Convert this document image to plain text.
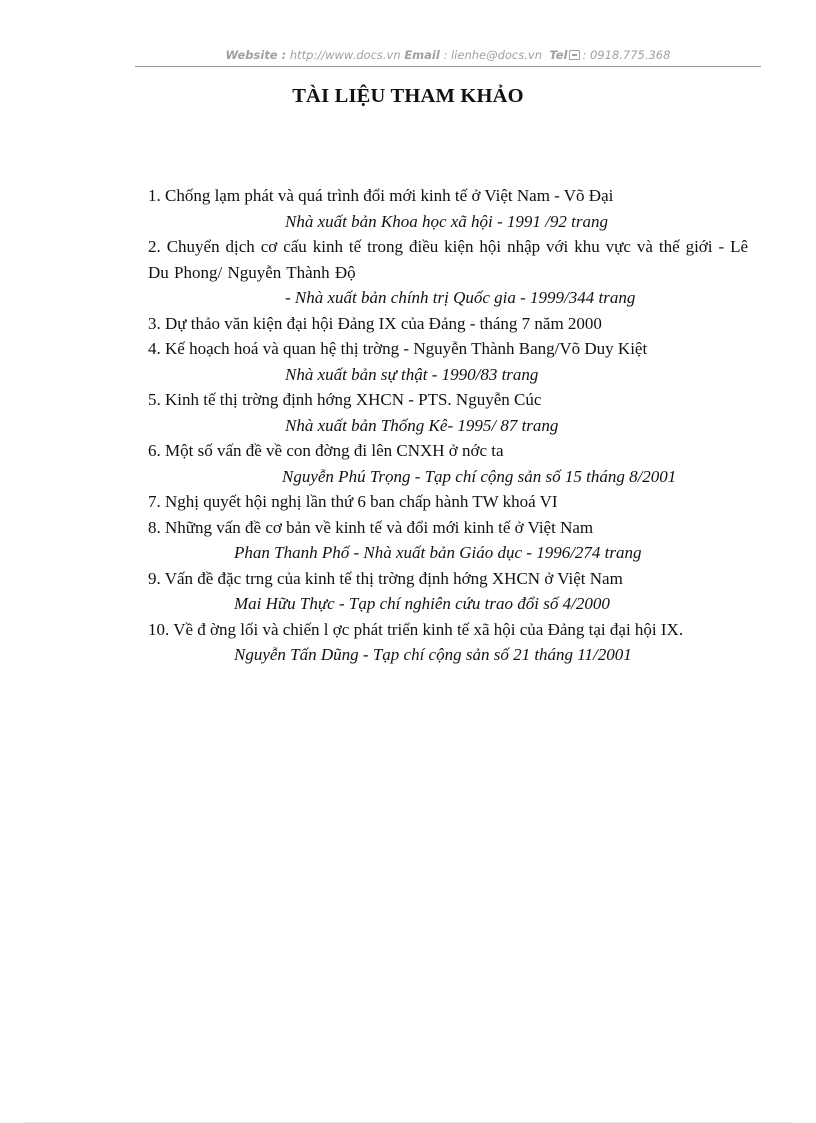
Website : http://www.docs.vn Email : lienhe@docs.vn Tel : 0918.775.368
TÀI LIỆU THAM KHẢO
1. Chống lạm phát và quá trình đổi mới kinh tế ở Việt Nam - Võ Đại
Nhà xuất bản Khoa học xã hội - 1991 /92 trang
2. Chuyển dịch cơ cấu kinh tế trong điều kiện hội nhập với khu vực và thế giới - Lê Du Phong/ Nguyễn Thành Độ
- Nhà xuất bản chính trị Quốc gia - 1999/344 trang
3. Dự thảo văn kiện đại hội Đảng IX của Đảng - tháng 7 năm 2000
4. Kế hoạch hoá và quan hệ thị trờng - Nguyễn Thành Bang/Võ Duy Kiệt
Nhà xuất bản sự thật - 1990/83 trang
5. Kinh tế thị trờng định hớng XHCN - PTS. Nguyễn Cúc
Nhà xuất bản Thống Kê- 1995/ 87 trang
6. Một số vấn đề về con đờng đi lên CNXH ở nớc ta
Nguyễn Phú Trọng - Tạp chí cộng sản số 15 tháng 8/2001
7. Nghị quyết hội nghị lần thứ 6 ban chấp hành TW khoá VI
8. Những vấn đề cơ bản về kinh tế và đổi mới kinh tế ở Việt Nam
Phan Thanh Phố - Nhà xuất bản Giáo dục - 1996/274 trang
9. Vấn đề đặc trng của kinh tế thị trờng định hớng XHCN ở Việt Nam
Mai Hữu Thực - Tạp chí nghiên cứu trao đổi số 4/2000
10. Về đ ờng lối và chiến l ợc phát triển kinh tế xã hội của Đảng tại đại hội IX.
Nguyễn Tấn Dũng - Tạp chí cộng sản số 21 tháng 11/2001
